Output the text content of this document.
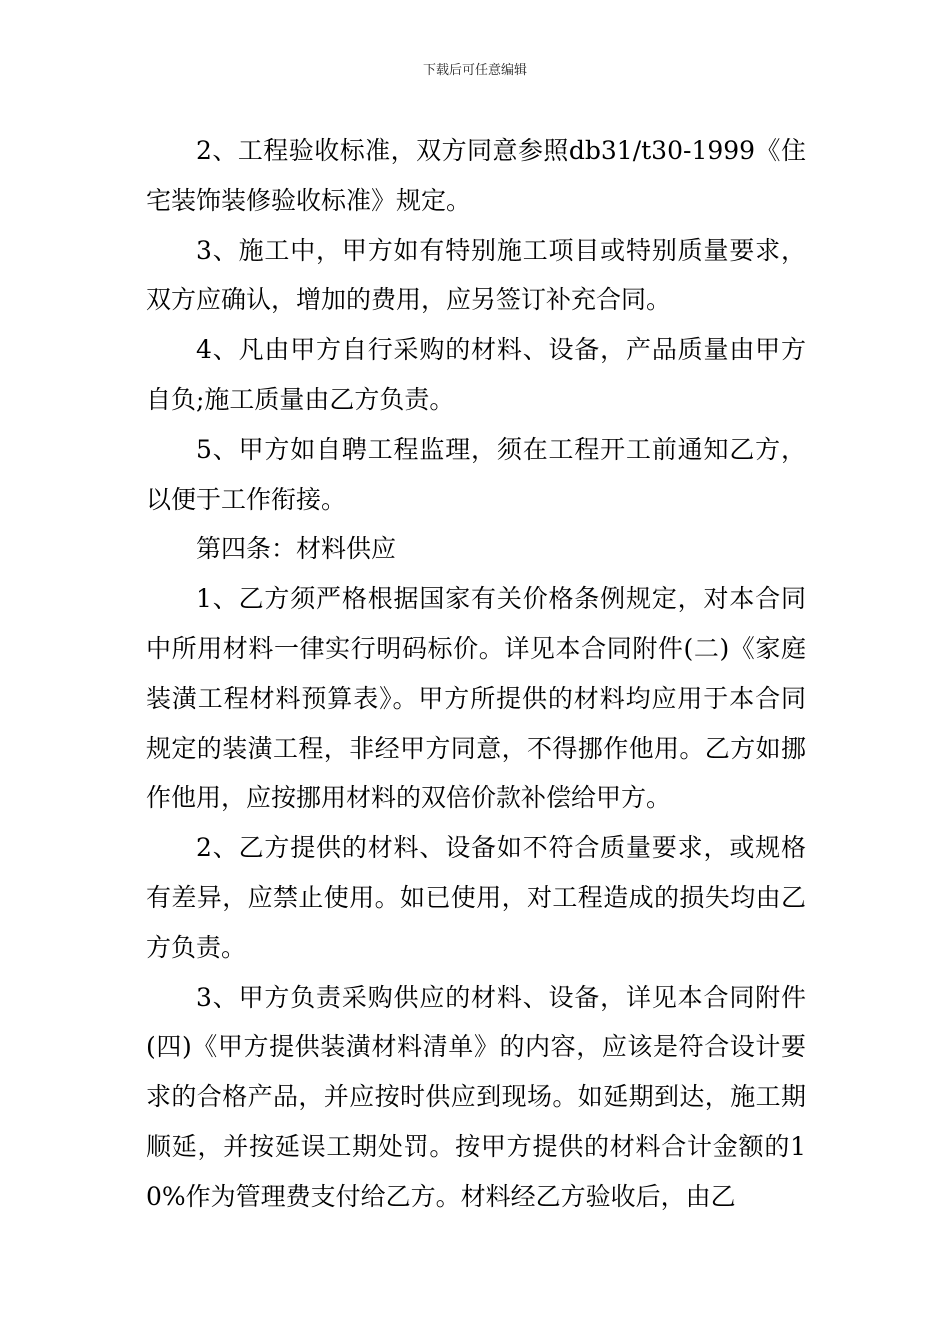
下载后可任意编辑

2、工程验收标准，双方同意参照db31/t30-1999《住宅装饰装修验收标准》规定。

3、施工中，甲方如有特别施工项目或特别质量要求，双方应确认，增加的费用，应另签订补充合同。

4、凡由甲方自行采购的材料、设备，产品质量由甲方自负;施工质量由乙方负责。

5、甲方如自聘工程监理，须在工程开工前通知乙方，以便于工作衔接。

第四条：材料供应

1、乙方须严格根据国家有关价格条例规定，对本合同中所用材料一律实行明码标价。详见本合同附件(二)《家庭装潢工程材料预算表》。甲方所提供的材料均应用于本合同规定的装潢工程，非经甲方同意，不得挪作他用。乙方如挪作他用，应按挪用材料的双倍价款补偿给甲方。

2、乙方提供的材料、设备如不符合质量要求，或规格有差异，应禁止使用。如已使用，对工程造成的损失均由乙方负责。

3、甲方负责采购供应的材料、设备，详见本合同附件(四)《甲方提供装潢材料清单》的内容，应该是符合设计要求的合格产品，并应按时供应到现场。如延期到达，施工期顺延，并按延误工期处罚。按甲方提供的材料合计金额的10%作为管理费支付给乙方。材料经乙方验收后，由乙
